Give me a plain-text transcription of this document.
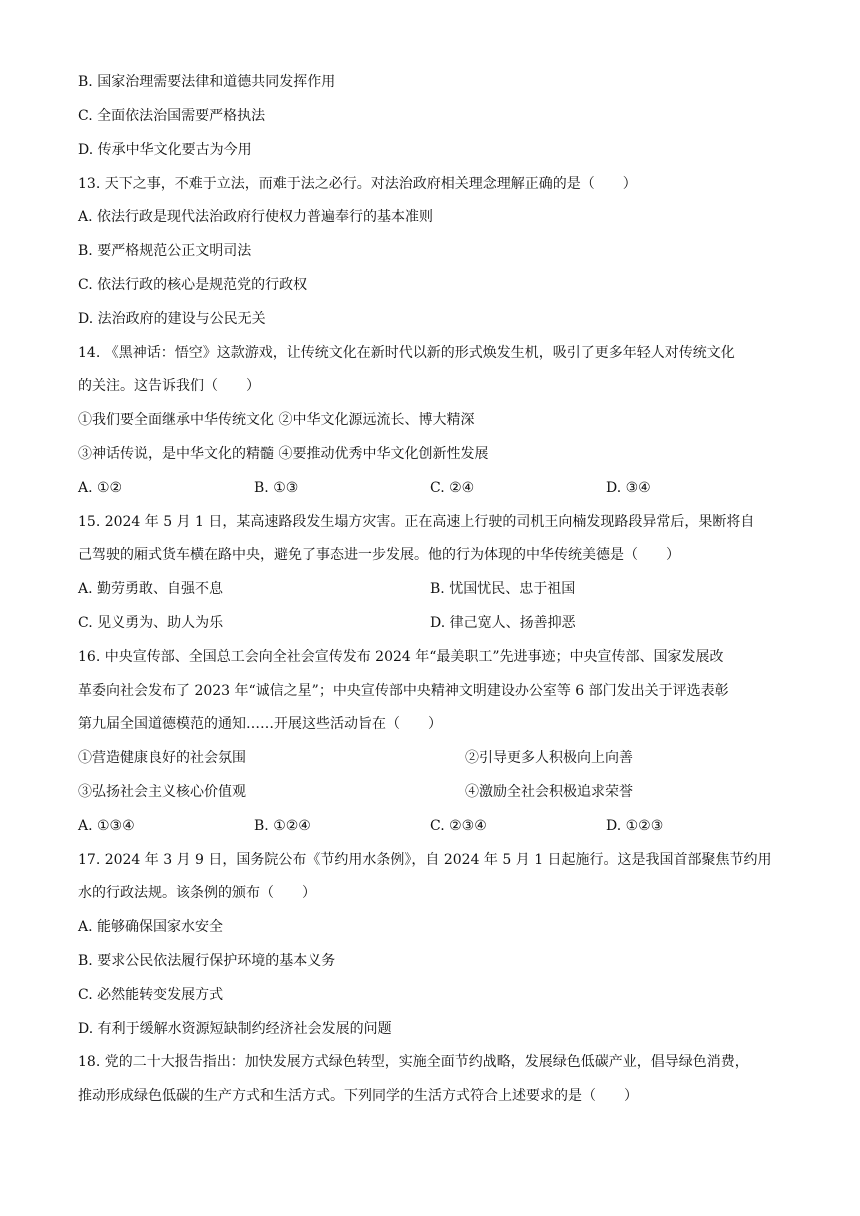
B. 国家治理需要法律和道德共同发挥作用
C. 全面依法治国需要严格执法
D. 传承中华文化要古为今用
13. 天下之事，不难于立法，而难于法之必行。对法治政府相关理念理解正确的是（　　）
A. 依法行政是现代法治政府行使权力普遍奉行的基本准则
B. 要严格规范公正文明司法
C. 依法行政的核心是规范党的行政权
D. 法治政府的建设与公民无关
14. 《黑神话：悟空》这款游戏，让传统文化在新时代以新的形式焕发生机，吸引了更多年轻人对传统文化
的关注。这告诉我们（　　）
①我们要全面继承中华传统文化 ②中华文化源远流长、博大精深
③神话传说，是中华文化的精髓 ④要推动优秀中华文化创新性发展
A. ①②	B. ①③	C. ②④	D. ③④
15. 2024 年 5 月 1 日，某高速路段发生塌方灾害。正在高速上行驶的司机王向楠发现路段异常后，果断将自
己驾驶的厢式货车横在路中央，避免了事态进一步发展。他的行为体现的中华传统美德是（　　）
A. 勤劳勇敢、自强不息	B. 忧国忧民、忠于祖国
C. 见义勇为、助人为乐	D. 律己宽人、扬善抑恶
16. 中央宣传部、全国总工会向全社会宣传发布 2024 年“最美职工”先进事迹；中央宣传部、国家发展改
革委向社会发布了 2023 年“诚信之星”；中央宣传部中央精神文明建设办公室等 6 部门发出关于评选表彰
第九届全国道德模范的通知……开展这些活动旨在（　　）
①营造健康良好的社会氛围	②引导更多人积极向上向善
③弘扬社会主义核心价值观	④激励全社会积极追求荣誉
A. ①③④	B. ①②④	C. ②③④	D. ①②③
17. 2024 年 3 月 9 日，国务院公布《节约用水条例》，自 2024 年 5 月 1 日起施行。这是我国首部聚焦节约用
水的行政法规。该条例的颁布（　　）
A. 能够确保国家水安全
B. 要求公民依法履行保护环境的基本义务
C. 必然能转变发展方式
D. 有利于缓解水资源短缺制约经济社会发展的问题
18. 党的二十大报告指出：加快发展方式绿色转型，实施全面节约战略，发展绿色低碳产业，倡导绿色消费，
推动形成绿色低碳的生产方式和生活方式。下列同学的生活方式符合上述要求的是（　　）
